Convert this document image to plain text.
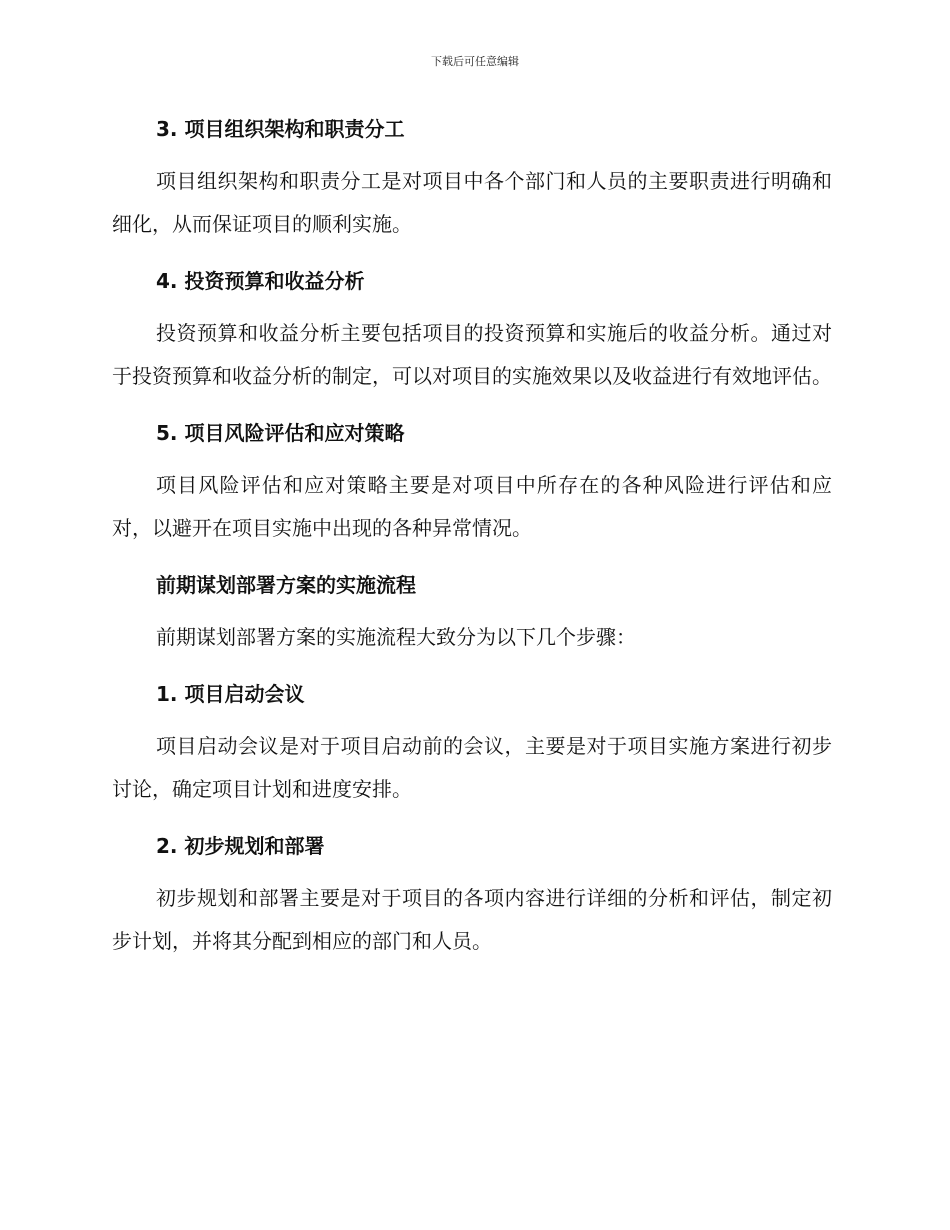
下载后可任意编辑
3. 项目组织架构和职责分工

项目组织架构和职责分工是对项目中各个部门和人员的主要职责进行明确和细化，从而保证项目的顺利实施。

4. 投资预算和收益分析

投资预算和收益分析主要包括项目的投资预算和实施后的收益分析。通过对于投资预算和收益分析的制定，可以对项目的实施效果以及收益进行有效地评估。

5. 项目风险评估和应对策略

项目风险评估和应对策略主要是对项目中所存在的各种风险进行评估和应对，以避开在项目实施中出现的各种异常情况。

前期谋划部署方案的实施流程

前期谋划部署方案的实施流程大致分为以下几个步骤：

1. 项目启动会议

项目启动会议是对于项目启动前的会议，主要是对于项目实施方案进行初步讨论，确定项目计划和进度安排。

2. 初步规划和部署

初步规划和部署主要是对于项目的各项内容进行详细的分析和评估，制定初步计划，并将其分配到相应的部门和人员。
